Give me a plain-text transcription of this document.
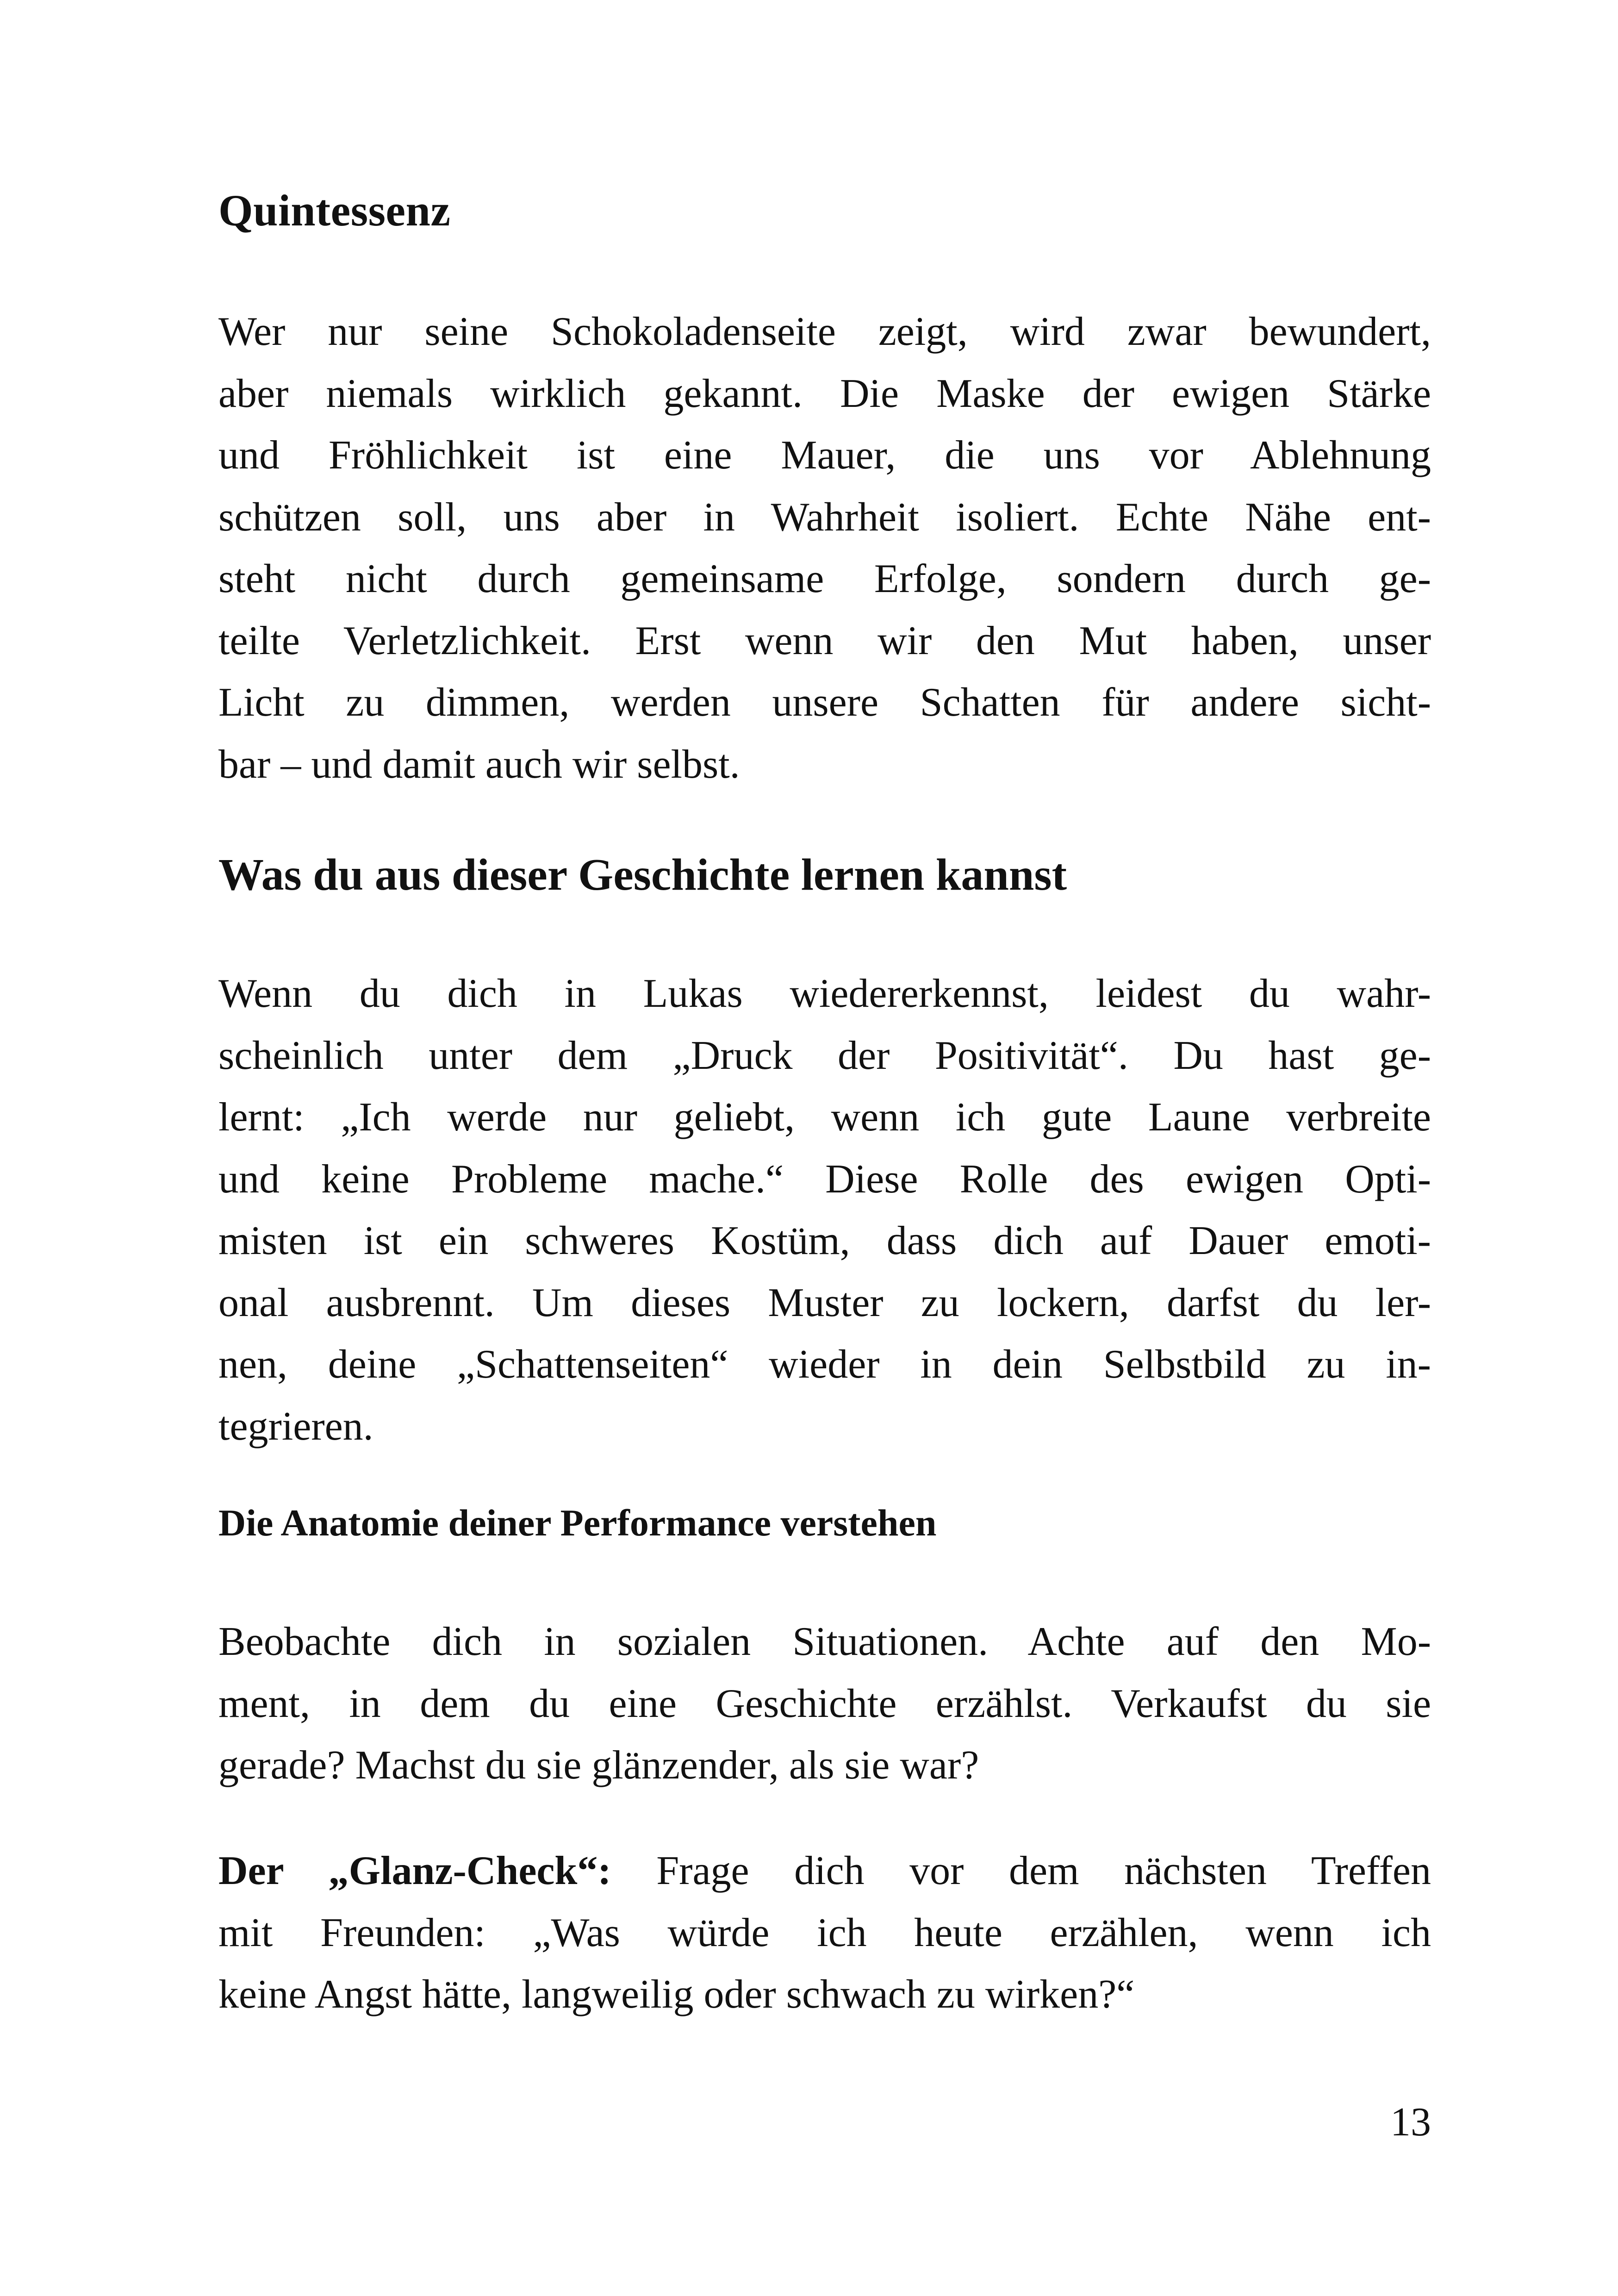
Quintessenz

Wer nur seine Schokoladenseite zeigt, wird zwar bewundert,
aber niemals wirklich gekannt. Die Maske der ewigen Stärke
und Fröhlichkeit ist eine Mauer, die uns vor Ablehnung
schützen soll, uns aber in Wahrheit isoliert. Echte Nähe ent-
steht nicht durch gemeinsame Erfolge, sondern durch ge-
teilte Verletzlichkeit. Erst wenn wir den Mut haben, unser
Licht zu dimmen, werden unsere Schatten für andere sicht-
bar – und damit auch wir selbst.

Was du aus dieser Geschichte lernen kannst

Wenn du dich in Lukas wiedererkennst, leidest du wahr-
scheinlich unter dem „Druck der Positivität“. Du hast ge-
lernt: „Ich werde nur geliebt, wenn ich gute Laune verbreite
und keine Probleme mache.“ Diese Rolle des ewigen Opti-
misten ist ein schweres Kostüm, dass dich auf Dauer emoti-
onal ausbrennt. Um dieses Muster zu lockern, darfst du ler-
nen, deine „Schattenseiten“ wieder in dein Selbstbild zu in-
tegrieren.

Die Anatomie deiner Performance verstehen

Beobachte dich in sozialen Situationen. Achte auf den Mo-
ment, in dem du eine Geschichte erzählst. Verkaufst du sie
gerade? Machst du sie glänzender, als sie war?

Der „Glanz-Check“: Frage dich vor dem nächsten Treffen
mit Freunden: „Was würde ich heute erzählen, wenn ich
keine Angst hätte, langweilig oder schwach zu wirken?“

13
